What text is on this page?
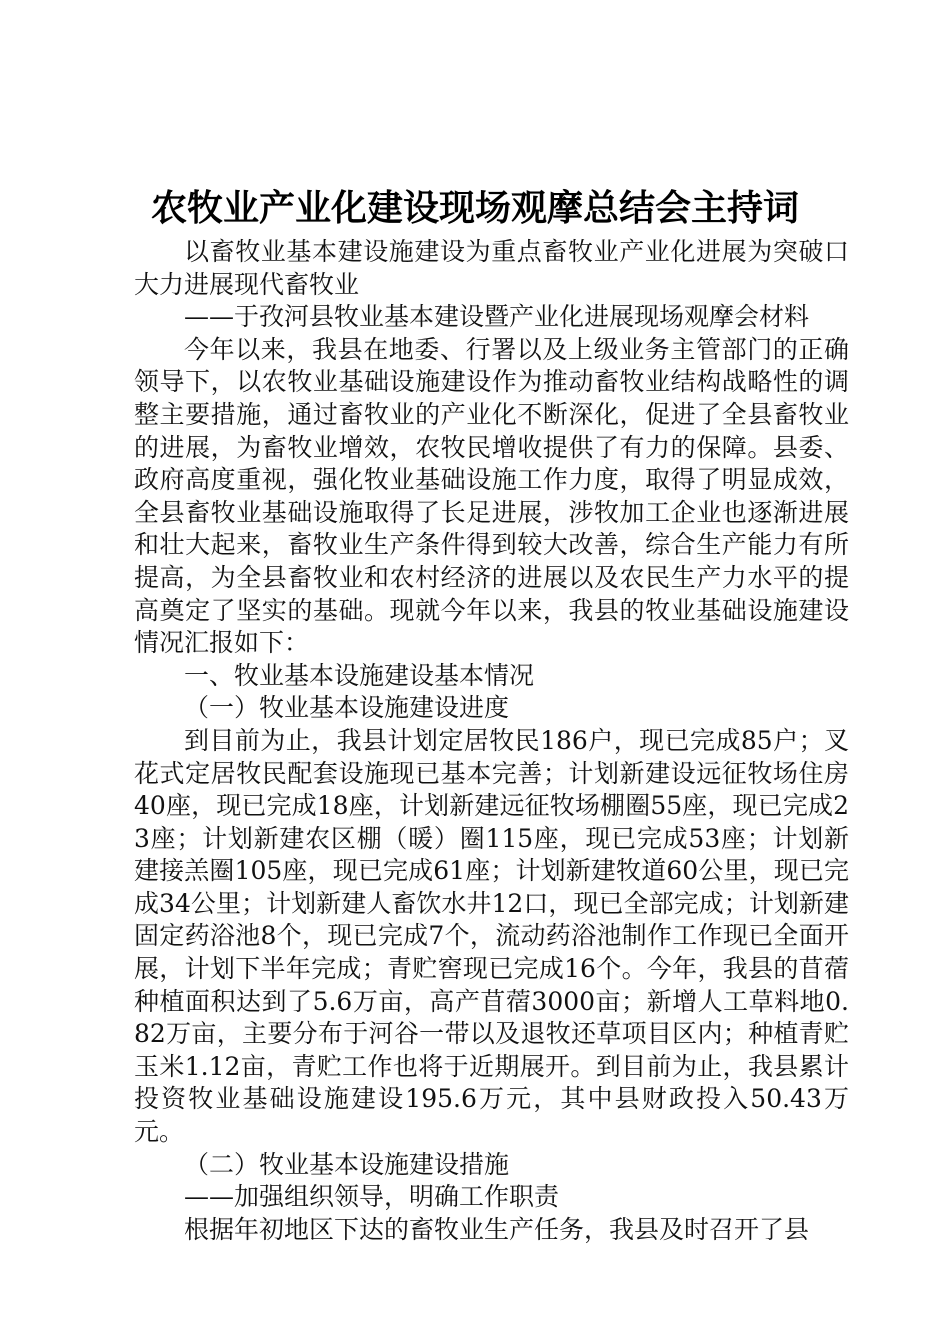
农牧业产业化建设现场观摩总结会主持词

以畜牧业基本建设施建设为重点畜牧业产业化进展为突破口大力进展现代畜牧业

——于孜河县牧业基本建设暨产业化进展现场观摩会材料

今年以来，我县在地委、行署以及上级业务主管部门的正确领导下，以农牧业基础设施建设作为推动畜牧业结构战略性的调整主要措施，通过畜牧业的产业化不断深化，促进了全县畜牧业的进展，为畜牧业增效，农牧民增收提供了有力的保障。县委、政府高度重视，强化牧业基础设施工作力度，取得了明显成效，全县畜牧业基础设施取得了长足进展，涉牧加工企业也逐渐进展和壮大起来，畜牧业生产条件得到较大改善，综合生产能力有所提高，为全县畜牧业和农村经济的进展以及农民生产力水平的提高奠定了坚实的基础。现就今年以来，我县的牧业基础设施建设情况汇报如下：

一、牧业基本设施建设基本情况

（一）牧业基本设施建设进度

到目前为止，我县计划定居牧民186户，现已完成85户；叉花式定居牧民配套设施现已基本完善；计划新建设远征牧场住房40座，现已完成18座，计划新建远征牧场棚圈55座，现已完成23座；计划新建农区棚（暖）圈115座，现已完成53座；计划新建接羔圈105座，现已完成61座；计划新建牧道60公里，现已完成34公里；计划新建人畜饮水井12口，现已全部完成；计划新建固定药浴池8个，现已完成7个，流动药浴池制作工作现已全面开展，计划下半年完成；青贮窖现已完成16个。今年，我县的苜蓿种植面积达到了5.6万亩，高产苜蓿3000亩；新增人工草料地0.82万亩，主要分布于河谷一带以及退牧还草项目区内；种植青贮玉米1.12亩，青贮工作也将于近期展开。到目前为止，我县累计投资牧业基础设施建设195.6万元，其中县财政投入50.43万元。

（二）牧业基本设施建设措施

——加强组织领导，明确工作职责

根据年初地区下达的畜牧业生产任务，我县及时召开了县
